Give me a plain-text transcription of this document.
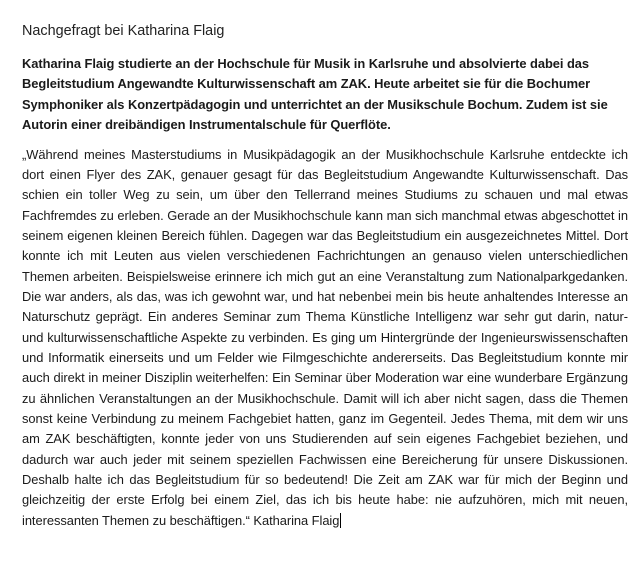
Nachgefragt bei Katharina Flaig

Katharina Flaig studierte an der Hochschule für Musik in Karlsruhe und absolvierte dabei das Begleitstudium Angewandte Kulturwissenschaft am ZAK. Heute arbeitet sie für die Bochumer Symphoniker als Konzertpädagogin und unterrichtet an der Musikschule Bochum. Zudem ist sie Autorin einer dreibändigen Instrumentalschule für Querflöte.

„Während meines Masterstudiums in Musikpädagogik an der Musikhochschule Karlsruhe entdeckte ich dort einen Flyer des ZAK, genauer gesagt für das Begleitstudium Angewandte Kulturwissenschaft. Das schien ein toller Weg zu sein, um über den Tellerrand meines Studiums zu schauen und mal etwas Fachfremdes zu erleben. Gerade an der Musikhochschule kann man sich manchmal etwas abgeschottet in seinem eigenen kleinen Bereich fühlen. Dagegen war das Begleitstudium ein ausgezeichnetes Mittel. Dort konnte ich mit Leuten aus vielen verschiedenen Fachrichtungen an genauso vielen unterschiedlichen Themen arbeiten. Beispielsweise erinnere ich mich gut an eine Veranstaltung zum Nationalparkgedanken. Die war anders, als das, was ich gewohnt war, und hat nebenbei mein bis heute anhaltendes Interesse an Naturschutz geprägt. Ein anderes Seminar zum Thema Künstliche Intelligenz war sehr gut darin, natur- und kulturwissenschaftliche Aspekte zu verbinden. Es ging um Hintergründe der Ingenieurswissenschaften und Informatik einerseits und um Felder wie Filmgeschichte andererseits. Das Begleitstudium konnte mir auch direkt in meiner Disziplin weiterhelfen: Ein Seminar über Moderation war eine wunderbare Ergänzung zu ähnlichen Veranstaltungen an der Musikhochschule. Damit will ich aber nicht sagen, dass die Themen sonst keine Verbindung zu meinem Fachgebiet hatten, ganz im Gegenteil. Jedes Thema, mit dem wir uns am ZAK beschäftigten, konnte jeder von uns Studierenden auf sein eigenes Fachgebiet beziehen, und dadurch war auch jeder mit seinem speziellen Fachwissen eine Bereicherung für unsere Diskussionen. Deshalb halte ich das Begleitstudium für so bedeutend! Die Zeit am ZAK war für mich der Beginn und gleichzeitig der erste Erfolg bei einem Ziel, das ich bis heute habe: nie aufzuhören, mich mit neuen, interessanten Themen zu beschäftigen.“ Katharina Flaig
